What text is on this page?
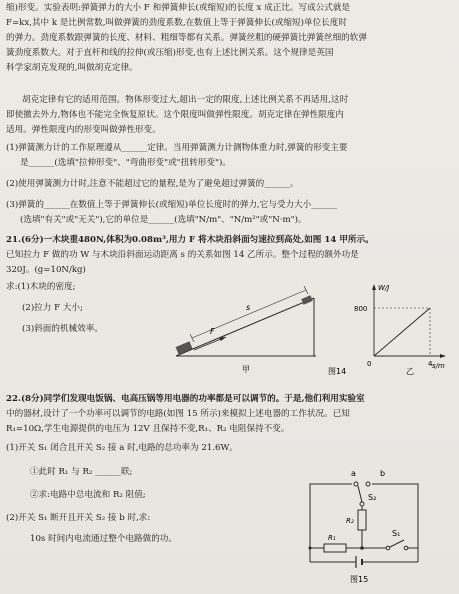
缩)形变。实验表明:弹簧弹力的大小 F 和弹簧伸长(或缩短)的长度 x 成正比。写成公式就是
F=kx,其中 k 是比例常数,叫做弹簧的劲度系数,在数值上等于弹簧伸长(或缩短)单位长度时
的弹力。劲度系数跟弹簧的长度、材料、粗细等都有关系。弹簧丝粗的硬弹簧比弹簧丝细的软弹
簧劲度系数大。对于直杆和线的拉伸(或压缩)形变,也有上述比例关系。这个规律是英国
科学家胡克发现的,叫做胡克定律。
胡克定律有它的适用范围。物体形变过大,超出一定的限度,上述比例关系不再适用,这时
即使撤去外力,物体也不能完全恢复原状。这个限度叫做弹性限度。胡克定律在弹性限度内
适用。弹性限度内的形变叫做弹性形变。
(1)弹簧测力计的工作原理遵从______定律。当用弹簧测力计测物体重力时,弹簧的形变主要
是______(选填"拉伸形变"、"弯曲形变"或"扭转形变")。
(2)使用弹簧测力计时,注意不能超过它的量程,是为了避免超过弹簧的______。
(3)弹簧的______在数值上等于弹簧伸长(或缩短)单位长度时的弹力,它与受力大小______
(选填"有关"或"无关"),它的单位是______(选填"N/m"、"N/m²"或"N·m")。
21.(6分)一木块重480N,体积为0.08m³,用力 F 将木块沿斜面匀速拉到高处,如图 14 甲所示。
已知拉力 F 做的功 W 与木块沿斜面运动距离 s 的关系如图 14 乙所示。整个过程的额外功是
320J。(g=10N/kg)
求:(1)木块的密度;
(2)拉力 F 大小;
(3)斜面的机械效率。
s
F
甲	图14
W/J
s/m
0
800
4
乙
22.(8分)同学们发现电饭锅、电高压锅等用电器的功率都是可以调节的。于是,他们利用实验室
中的器材,设计了一个功率可以调节的电路(如图 15 所示)来模拟上述电器的工作状况。已知
R₁=10Ω,学生电源提供的电压为 12V 且保持不变,R₁、R₂ 电阻保持不变。
(1)开关 S₁ 闭合且开关 S₂ 接 a 时,电路的总功率为 21.6W。
①此时 R₁ 与 R₂ ______联;
②求:电路中总电流和 R₂ 阻值;
(2)开关 S₁ 断开且开关 S₂ 接 b 时,求:
10s 时间内电流通过整个电路做的功。
a	b
S₂
R₂
R₁	S₁
图15
